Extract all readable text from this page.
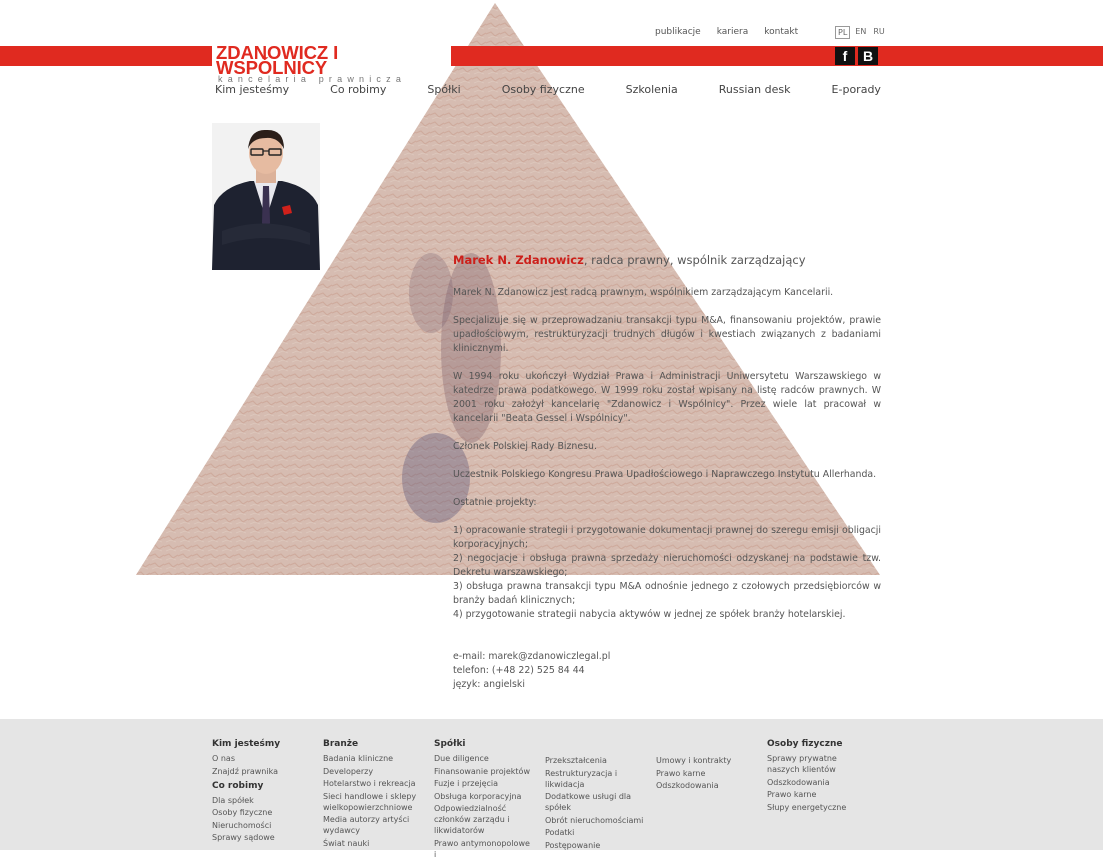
publikacje kariera kontakt	PL	EN RU
f	B
ZDANOWICZ I WSPÓLNICY
kancelaria prawnicza
Kim jesteśmy	Co robimy	Spółki	Osoby fizyczne	Szkolenia	Russian desk	E-porady
Marek N. Zdanowicz, radca prawny, wspólnik zarządzający

Marek N. Zdanowicz jest radcą prawnym, wspólnikiem zarządzającym Kancelarii.

Specjalizuje się w przeprowadzaniu transakcji typu M&A, finansowaniu projektów, prawie upadłościowym, restrukturyzacji trudnych długów i kwestiach związanych z badaniami klinicznymi.

W 1994 roku ukończył Wydział Prawa i Administracji Uniwersytetu Warszawskiego w katedrze prawa podatkowego. W 1999 roku został wpisany na listę radców prawnych. W 2001 roku założył kancelarię "Zdanowicz i Wspólnicy". Przez wiele lat pracował w kancelarii "Beata Gessel i Wspólnicy".

Członek Polskiej Rady Biznesu.

Uczestnik Polskiego Kongresu Prawa Upadłościowego i Naprawczego Instytutu Allerhanda.

Ostatnie projekty:

1) opracowanie strategii i przygotowanie dokumentacji prawnej do szeregu emisji obligacji korporacyjnych;
2) negocjacje i obsługa prawna sprzedaży nieruchomości odzyskanej na podstawie tzw. Dekretu warszawskiego;
3) obsługa prawna transakcji typu M&A odnośnie jednego z czołowych przedsiębiorców w branży badań klinicznych;
4) przygotowanie strategii nabycia aktywów w jednej ze spółek branży hotelarskiej.
e-mail: marek@zdanowiczlegal.pl
telefon: (+48 22) 525 84 44
język: angielski
Kim jesteśmy
O nas
Znajdź prawnika
Co robimy
Dla spółek
Osoby fizyczne
Nieruchomości
Sprawy sądowe
Branże
Badania kliniczne
Developerzy
Hotelarstwo i rekreacja
Sieci handlowe i sklepy wielkopowierzchniowe
Media autorzy artyści wydawcy
Świat nauki
Spółki
Due diligence
Finansowanie projektów
Fuzje i przejęcia
Obsługa korporacyjna
Odpowiedzialność członków zarządu i likwidatorów
Prawo antymonopolowe i
Przekształcenia
Restrukturyzacja i likwidacja
Dodatkowe usługi dla spółek
Obrót nieruchomościami
Podatki
Postępowanie
Umowy i kontrakty
Prawo karne
Odszkodowania
Osoby fizyczne
Sprawy prywatne naszych klientów
Odszkodowania
Prawo karne
Słupy energetyczne
